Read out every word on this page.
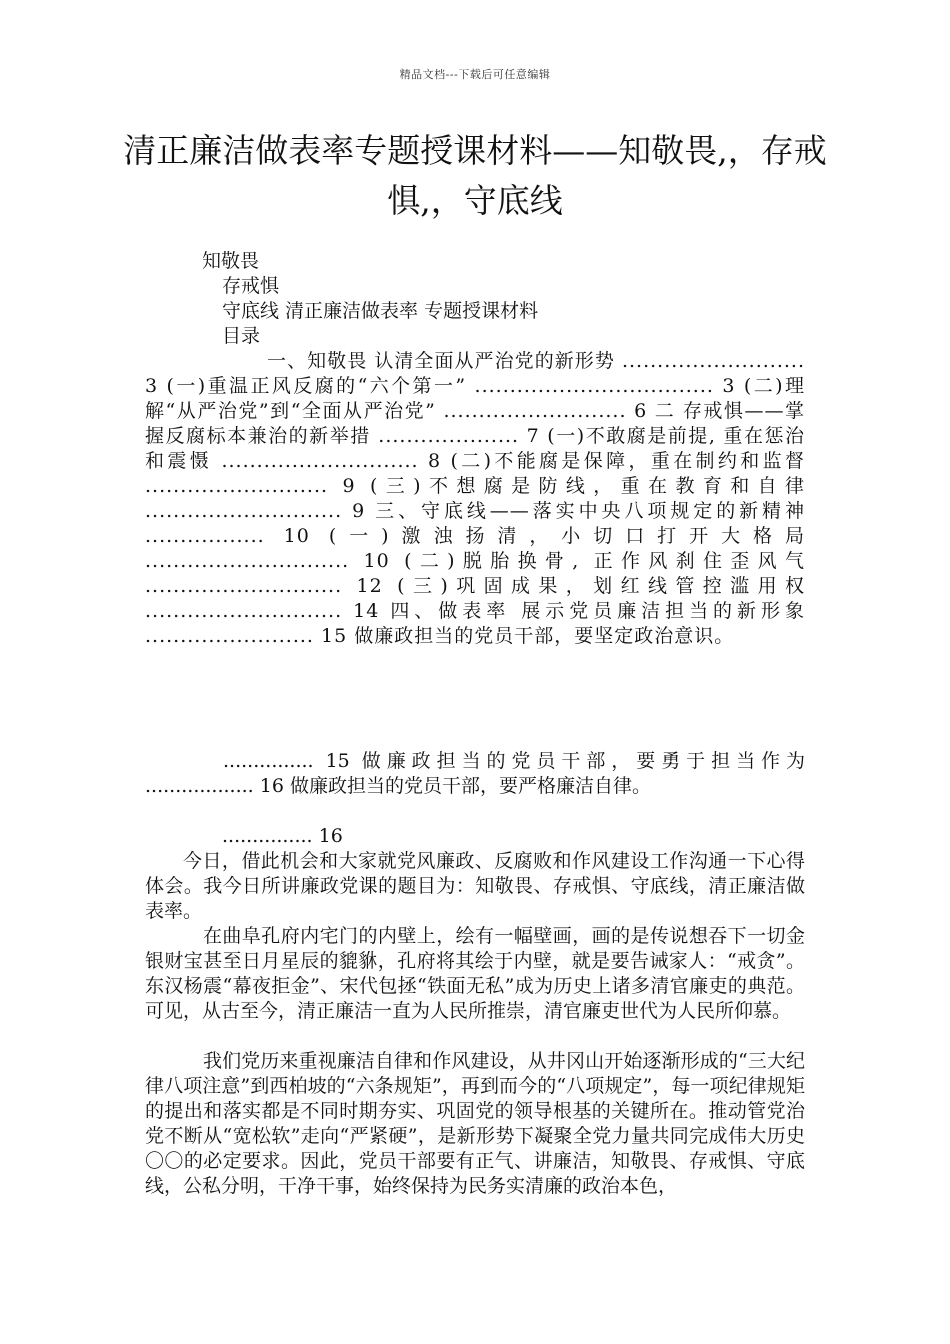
精品文档---下载后可任意编辑
清正廉洁做表率专题授课材料——知敬畏,，存戒惧,，守底线
知敬畏
存戒惧
守底线 清正廉洁做表率 专题授课材料
目录
一、知敬畏 认清全面从严治党的新形势 .......................... 3 (一)重温正风反腐的“六个第一” .................................. 3 (二)理解“从严治党”到“全面从严治党” .......................... 6 二 存戒惧——掌握反腐标本兼治的新举措 .................... 7 (一)不敢腐是前提, 重在惩治和震慑 ............................ 8 (二)不能腐是保障，重在制约和监督 .......................... 9 (三)不想腐是防线，重在教育和自律 ............................ 9 三、守底线——落实中央八项规定的新精神 ................. 10 (一)激浊扬清，小切口打开大格局 ............................. 10 (二)脱胎换骨, 正作风刹住歪风气 ............................ 12 (三)巩固成果，划红线管控滥用权 ............................ 14 四、做表率 展示党员廉洁担当的新形象 ........................ 15 做廉政担当的党员干部，要坚定政治意识。
............... 15 做廉政担当的党员干部，要勇于担当作为 .................. 16 做廉政担当的党员干部，要严格廉洁自律。
............... 16
今日，借此机会和大家就党风廉政、反腐败和作风建设工作沟通一下心得体会。我今日所讲廉政党课的题目为：知敬畏、存戒惧、守底线，清正廉洁做表率。
在曲阜孔府内宅门的内壁上，绘有一幅壁画，画的是传说想吞下一切金银财宝甚至日月星辰的貔貅，孔府将其绘于内壁，就是要告诫家人：“戒贪”。东汉杨震“幕夜拒金”、宋代包拯“铁面无私”成为历史上诸多清官廉吏的典范。可见，从古至今，清正廉洁一直为人民所推崇，清官廉吏世代为人民所仰慕。
我们党历来重视廉洁自律和作风建设，从井冈山开始逐渐形成的“三大纪律八项注意”到西柏坡的“六条规矩”，再到而今的“八项规定”，每一项纪律规矩的提出和落实都是不同时期夯实、巩固党的领导根基的关键所在。推动管党治党不断从“宽松软”走向“严紧硬”，是新形势下凝聚全党力量共同完成伟大历史〇〇的必定要求。因此，党员干部要有正气、讲廉洁，知敬畏、存戒惧、守底线，公私分明，干净干事，始终保持为民务实清廉的政治本色，
